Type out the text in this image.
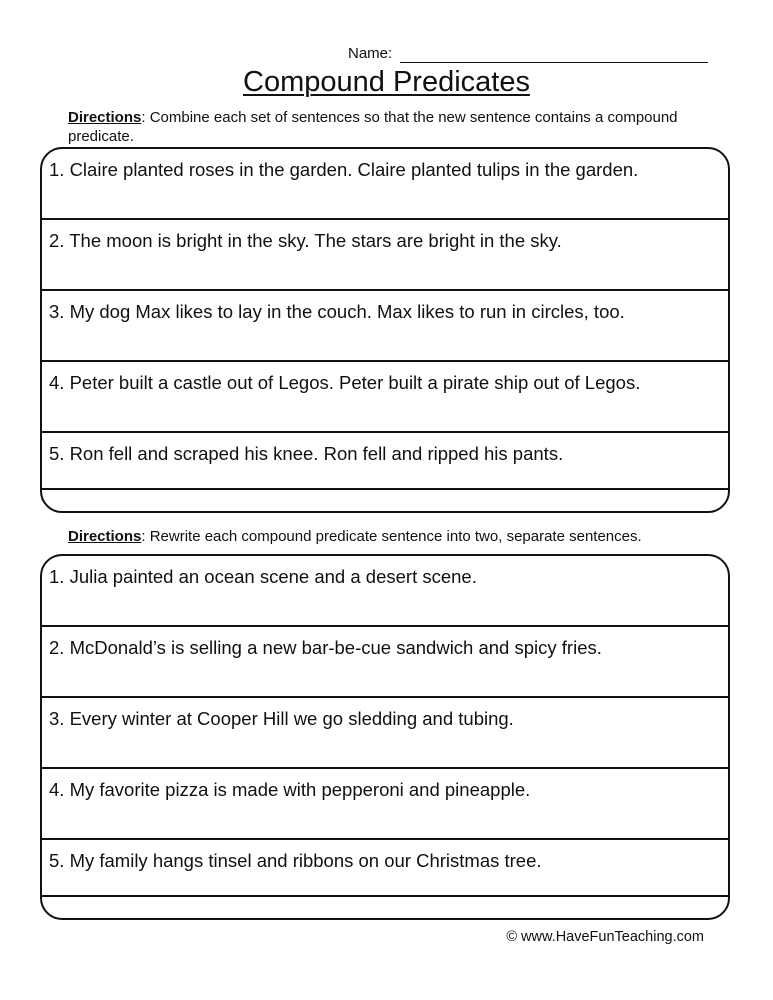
Name:
Compound Predicates
Directions: Combine each set of sentences so that the new sentence contains a compound predicate.
1. Claire planted roses in the garden. Claire planted tulips in the garden.
2. The moon is bright in the sky. The stars are bright in the sky.
3. My dog Max likes to lay in the couch. Max likes to run in circles, too.
4. Peter built a castle out of Legos. Peter built a pirate ship out of Legos.
5. Ron fell and scraped his knee. Ron fell and ripped his pants.
Directions: Rewrite each compound predicate sentence into two, separate sentences.
1. Julia painted an ocean scene and a desert scene.
2. McDonald’s is selling a new bar-be-cue sandwich and spicy fries.
3. Every winter at Cooper Hill we go sledding and tubing.
4. My favorite pizza is made with pepperoni and pineapple.
5. My family hangs tinsel and ribbons on our Christmas tree.
© www.HaveFunTeaching.com
